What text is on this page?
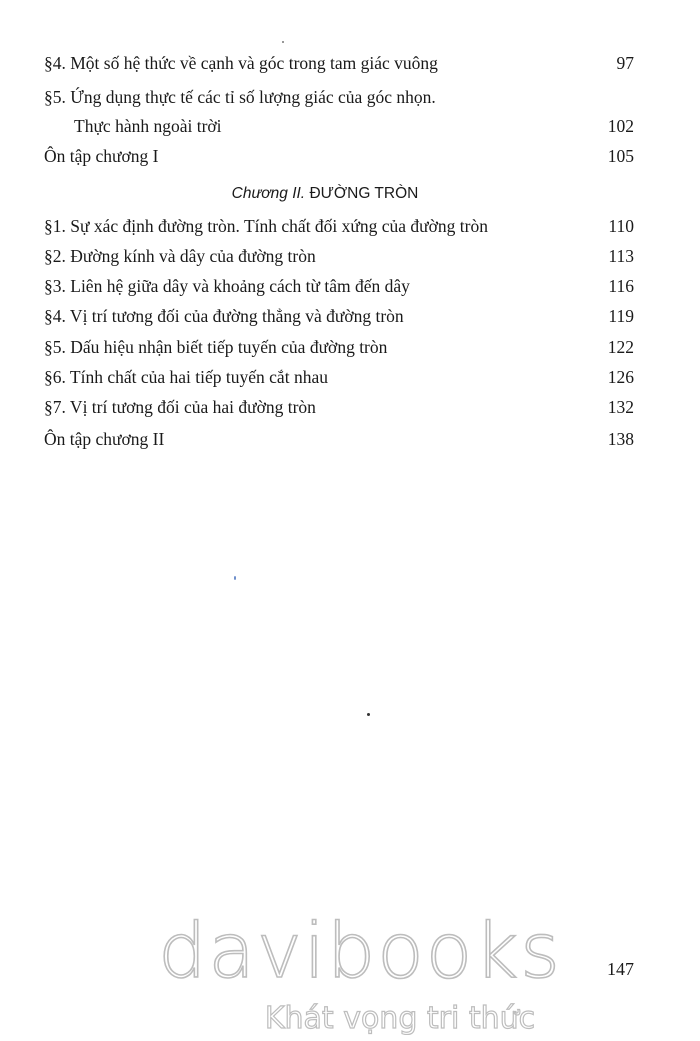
§4. Một số hệ thức về cạnh và góc trong tam giác vuông	97
§5. Ứng dụng thực tế các tỉ số lượng giác của góc nhọn.
Thực hành ngoài trời	102
Ôn tập chương I	105
Chương II. ĐƯỜNG TRÒN
§1. Sự xác định đường tròn. Tính chất đối xứng của đường tròn	110
§2. Đường kính và dây của đường tròn	113
§3. Liên hệ giữa dây và khoảng cách từ tâm đến dây	116
§4. Vị trí tương đối của đường thẳng và đường tròn	119
§5. Dấu hiệu nhận biết tiếp tuyến của đường tròn	122
§6. Tính chất của hai tiếp tuyến cắt nhau	126
§7. Vị trí tương đối của hai đường tròn	132
Ôn tập chương II	138
147
davibooks
Khát vọng tri thức
